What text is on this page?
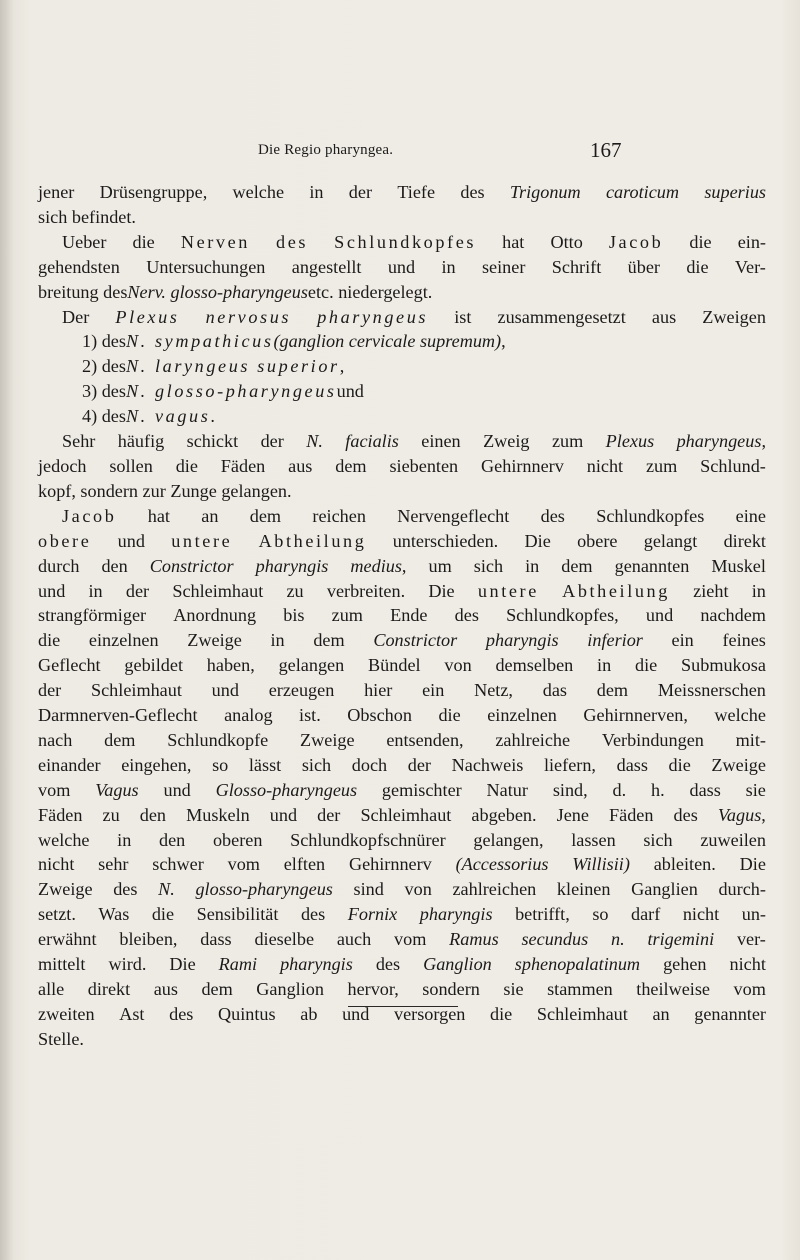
Die Regio pharyngea.	167
jener Drüsengruppe, welche in der Tiefe des Trigonum caroticum superius
sich befindet.
Ueber die Nerven des Schlundkopfes hat Otto Jacob die ein-
gehendsten Untersuchungen angestellt und in seiner Schrift über die Ver-
breitung des Nerv. glosso-pharyngeus etc. niedergelegt.
Der Plexus nervosus pharyngeus ist zusammengesetzt aus Zweigen
1) des N. sympathicus (ganglion cervicale supremum) ,
2) des N. laryngeus superior ,
3) des N. glosso-pharyngeus und
4) des N. vagus .
Sehr häufig schickt der N. facialis einen Zweig zum Plexus pharyngeus,
jedoch sollen die Fäden aus dem siebenten Gehirnnerv nicht zum Schlund-
kopf, sondern zur Zunge gelangen.
Jacob hat an dem reichen Nervengeflecht des Schlundkopfes eine
obere und untere Abtheilung unterschieden. Die obere gelangt direkt
durch den Constrictor pharyngis medius, um sich in dem genannten Muskel
und in der Schleimhaut zu verbreiten. Die untere Abtheilung zieht in
strangförmiger Anordnung bis zum Ende des Schlundkopfes, und nachdem
die einzelnen Zweige in dem Constrictor pharyngis inferior ein feines
Geflecht gebildet haben, gelangen Bündel von demselben in die Submukosa
der Schleimhaut und erzeugen hier ein Netz, das dem Meissnerschen
Darmnerven-Geflecht analog ist. Obschon die einzelnen Gehirnnerven, welche
nach dem Schlundkopfe Zweige entsenden, zahlreiche Verbindungen mit-
einander eingehen, so lässt sich doch der Nachweis liefern, dass die Zweige
vom Vagus und Glosso-pharyngeus gemischter Natur sind, d. h. dass sie
Fäden zu den Muskeln und der Schleimhaut abgeben. Jene Fäden des Vagus,
welche in den oberen Schlundkopfschnürer gelangen, lassen sich zuweilen
nicht sehr schwer vom elften Gehirnnerv (Accessorius Willisii) ableiten. Die
Zweige des N. glosso-pharyngeus sind von zahlreichen kleinen Ganglien durch-
setzt. Was die Sensibilität des Fornix pharyngis betrifft, so darf nicht un-
erwähnt bleiben, dass dieselbe auch vom Ramus secundus n. trigemini ver-
mittelt wird. Die Rami pharyngis des Ganglion sphenopalatinum gehen nicht
alle direkt aus dem Ganglion hervor, sondern sie stammen theilweise vom
zweiten Ast des Quintus ab und versorgen die Schleimhaut an genannter
Stelle.
